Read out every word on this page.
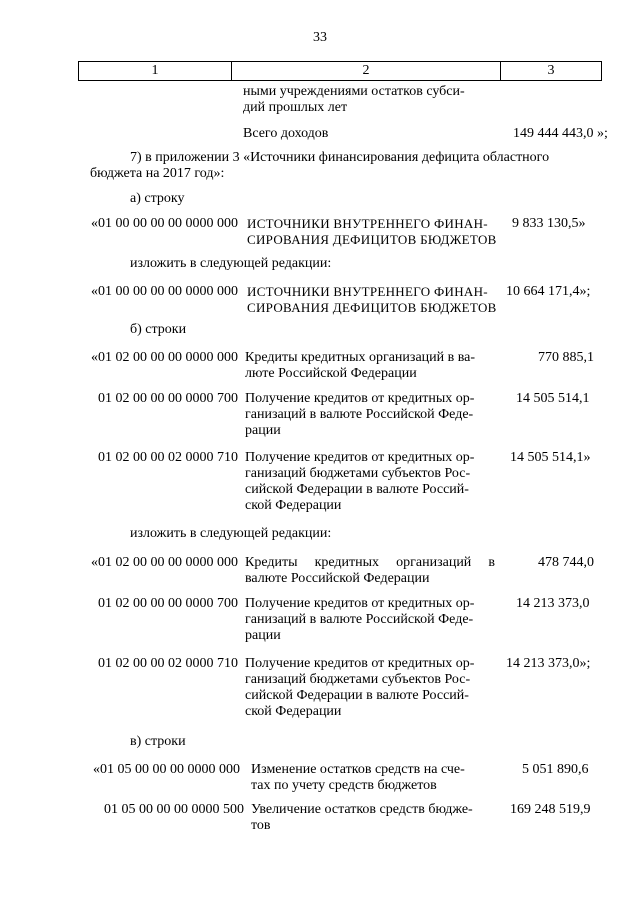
33
1	2	3
ными учреждениями остатков субси-
дий прошлых лет
Всего доходов	149 444 443,0 »;
7) в приложении 3 «Источники финансирования дефицита областного
бюджета на 2017 год»:
а) строку
«01 00 00 00 00 0000 000 ИСТОЧНИКИ ВНУТРЕННЕГО ФИНАН-
СИРОВАНИЯ ДЕФИЦИТОВ БЮДЖЕТОВ
9 833 130,5»
изложить в следующей редакции:
«01 00 00 00 00 0000 000 ИСТОЧНИКИ ВНУТРЕННЕГО ФИНАН-
СИРОВАНИЯ ДЕФИЦИТОВ БЮДЖЕТОВ
10 664 171,4»;
б) строки
«01 02 00 00 00 0000 000 Кредиты кредитных организаций в ва-
люте Российской Федерации
770 885,1
01 02 00 00 00 0000 700 Получение кредитов от кредитных ор-
ганизаций в валюте Российской Феде-
рации
14 505 514,1
01 02 00 00 02 0000 710 Получение кредитов от кредитных ор-
ганизаций бюджетами субъектов Рос-
сийской Федерации в валюте Россий-
ской Федерации
14 505 514,1»
изложить в следующей редакции:
«01 02 00 00 00 0000 000 Кредиты кредитных организаций в
валюте Российской Федерации
478 744,0
01 02 00 00 00 0000 700 Получение кредитов от кредитных ор-
ганизаций в валюте Российской Феде-
рации
14 213 373,0
01 02 00 00 02 0000 710 Получение кредитов от кредитных ор-
ганизаций бюджетами субъектов Рос-
сийской Федерации в валюте Россий-
ской Федерации
14 213 373,0»;
в) строки
«01 05 00 00 00 0000 000 Изменение остатков средств на сче-
тах по учету средств бюджетов
5 051 890,6
01 05 00 00 00 0000 500 Увеличение остатков средств бюдже-
тов
169 248 519,9
